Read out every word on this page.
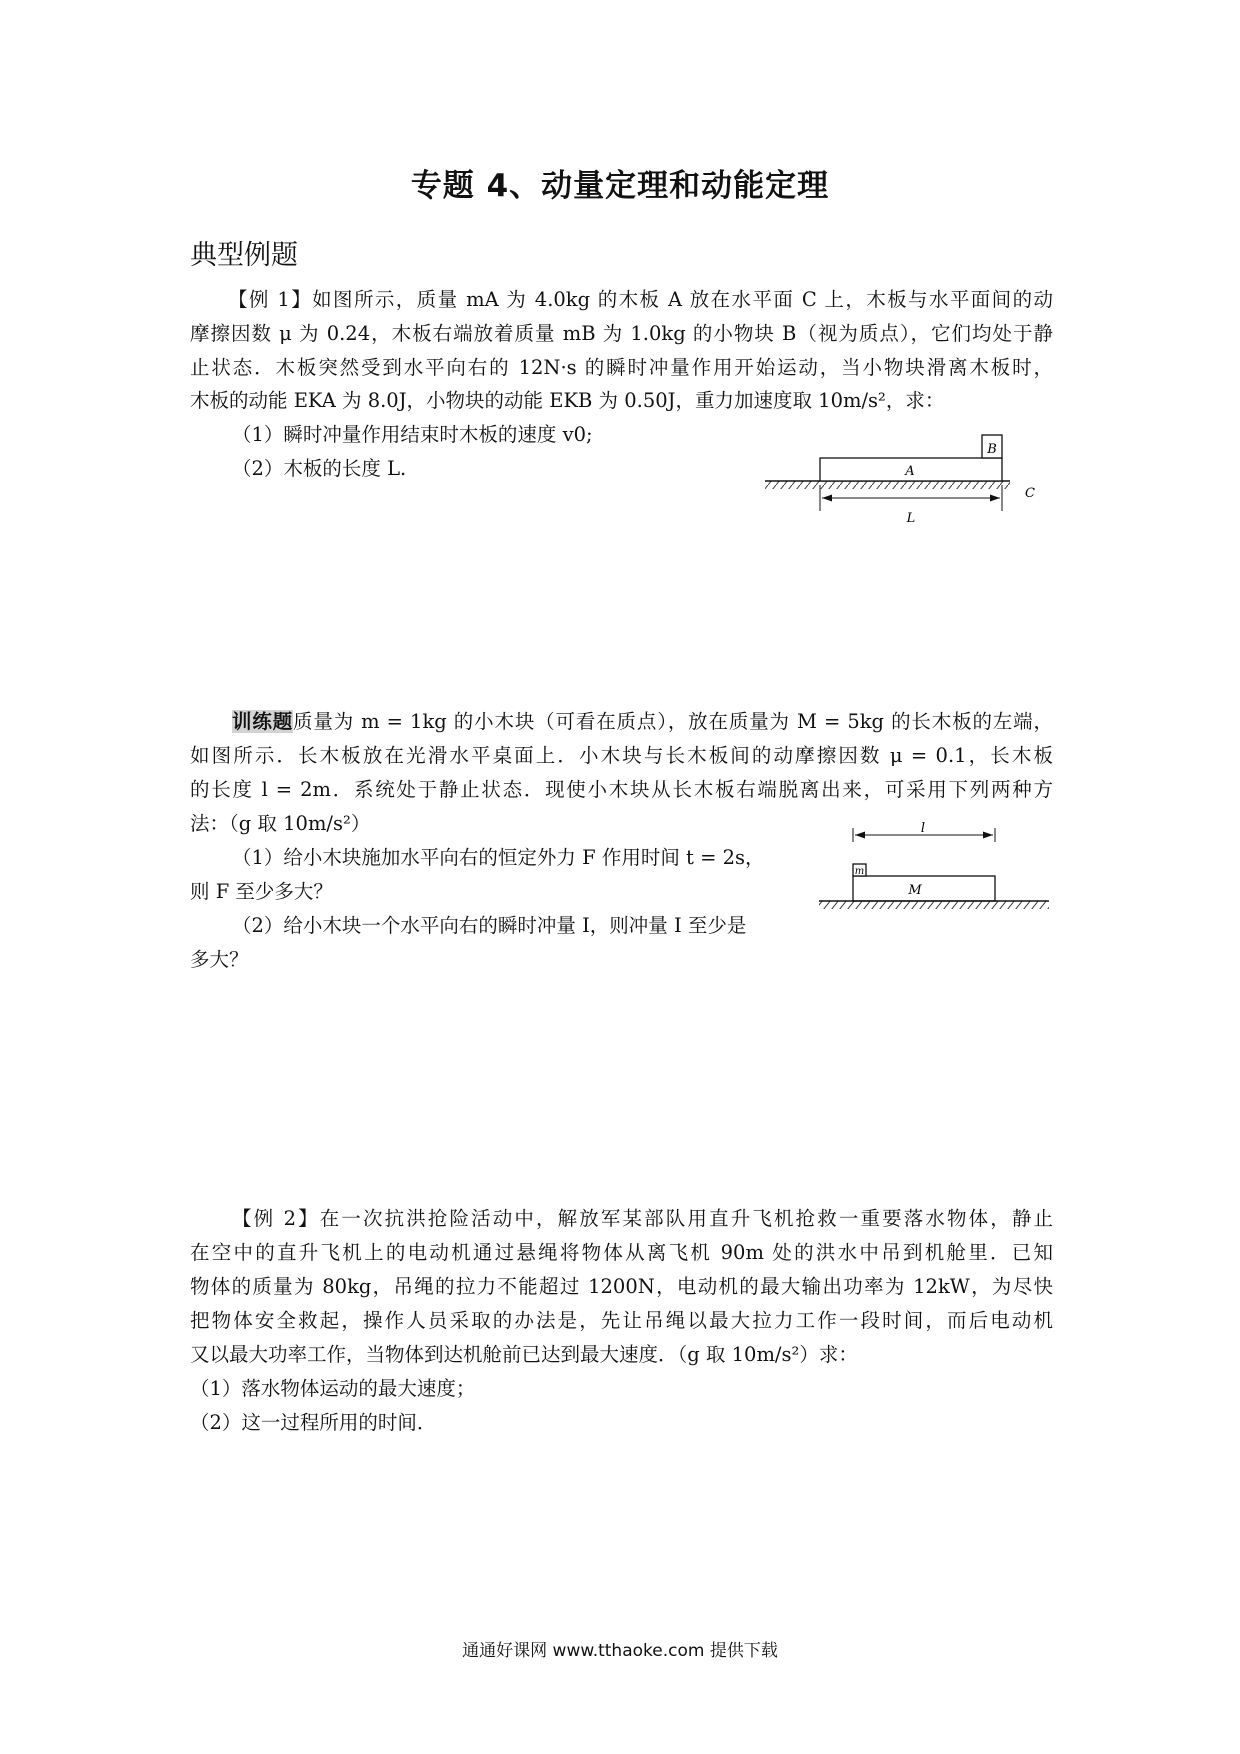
专题 4、动量定理和动能定理
典型例题
【例 1】如图所示，质量 mA 为 4.0kg 的木板 A 放在水平面 C 上，木板与水平面间的动
摩擦因数 μ 为 0.24，木板右端放着质量 mB 为 1.0kg 的小物块 B（视为质点），它们均处于静
止状态．木板突然受到水平向右的 12N·s 的瞬时冲量作用开始运动，当小物块滑离木板时，
木板的动能 EKA 为 8.0J，小物块的动能 EKB 为 0.50J，重力加速度取 10m/s²，求：
（1）瞬时冲量作用结束时木板的速度 v0;
（2）木板的长度 L.	A
B
C
L
训练题质量为 m = 1kg 的小木块（可看在质点），放在质量为 M = 5kg 的长木板的左端，
如图所示．长木板放在光滑水平桌面上．小木块与长木板间的动摩擦因数 μ = 0.1，长木板
的长度 l = 2m．系统处于静止状态．现使小木块从长木板右端脱离出来，可采用下列两种方
法：（g 取 10m/s²）
（1）给小木块施加水平向右的恒定外力 F 作用时间 t = 2s，
则 F 至少多大？
（2）给小木块一个水平向右的瞬时冲量 I，则冲量 I 至少是
多大？
l
m
M
【例 2】在一次抗洪抢险活动中，解放军某部队用直升飞机抢救一重要落水物体，静止
在空中的直升飞机上的电动机通过悬绳将物体从离飞机 90m 处的洪水中吊到机舱里．已知
物体的质量为 80kg，吊绳的拉力不能超过 1200N，电动机的最大输出功率为 12kW，为尽快
把物体安全救起，操作人员采取的办法是，先让吊绳以最大拉力工作一段时间，而后电动机
又以最大功率工作，当物体到达机舱前已达到最大速度．（g 取 10m/s²）求：
（1）落水物体运动的最大速度；
（2）这一过程所用的时间．
通通好课网 www.tthaoke.com 提供下载
